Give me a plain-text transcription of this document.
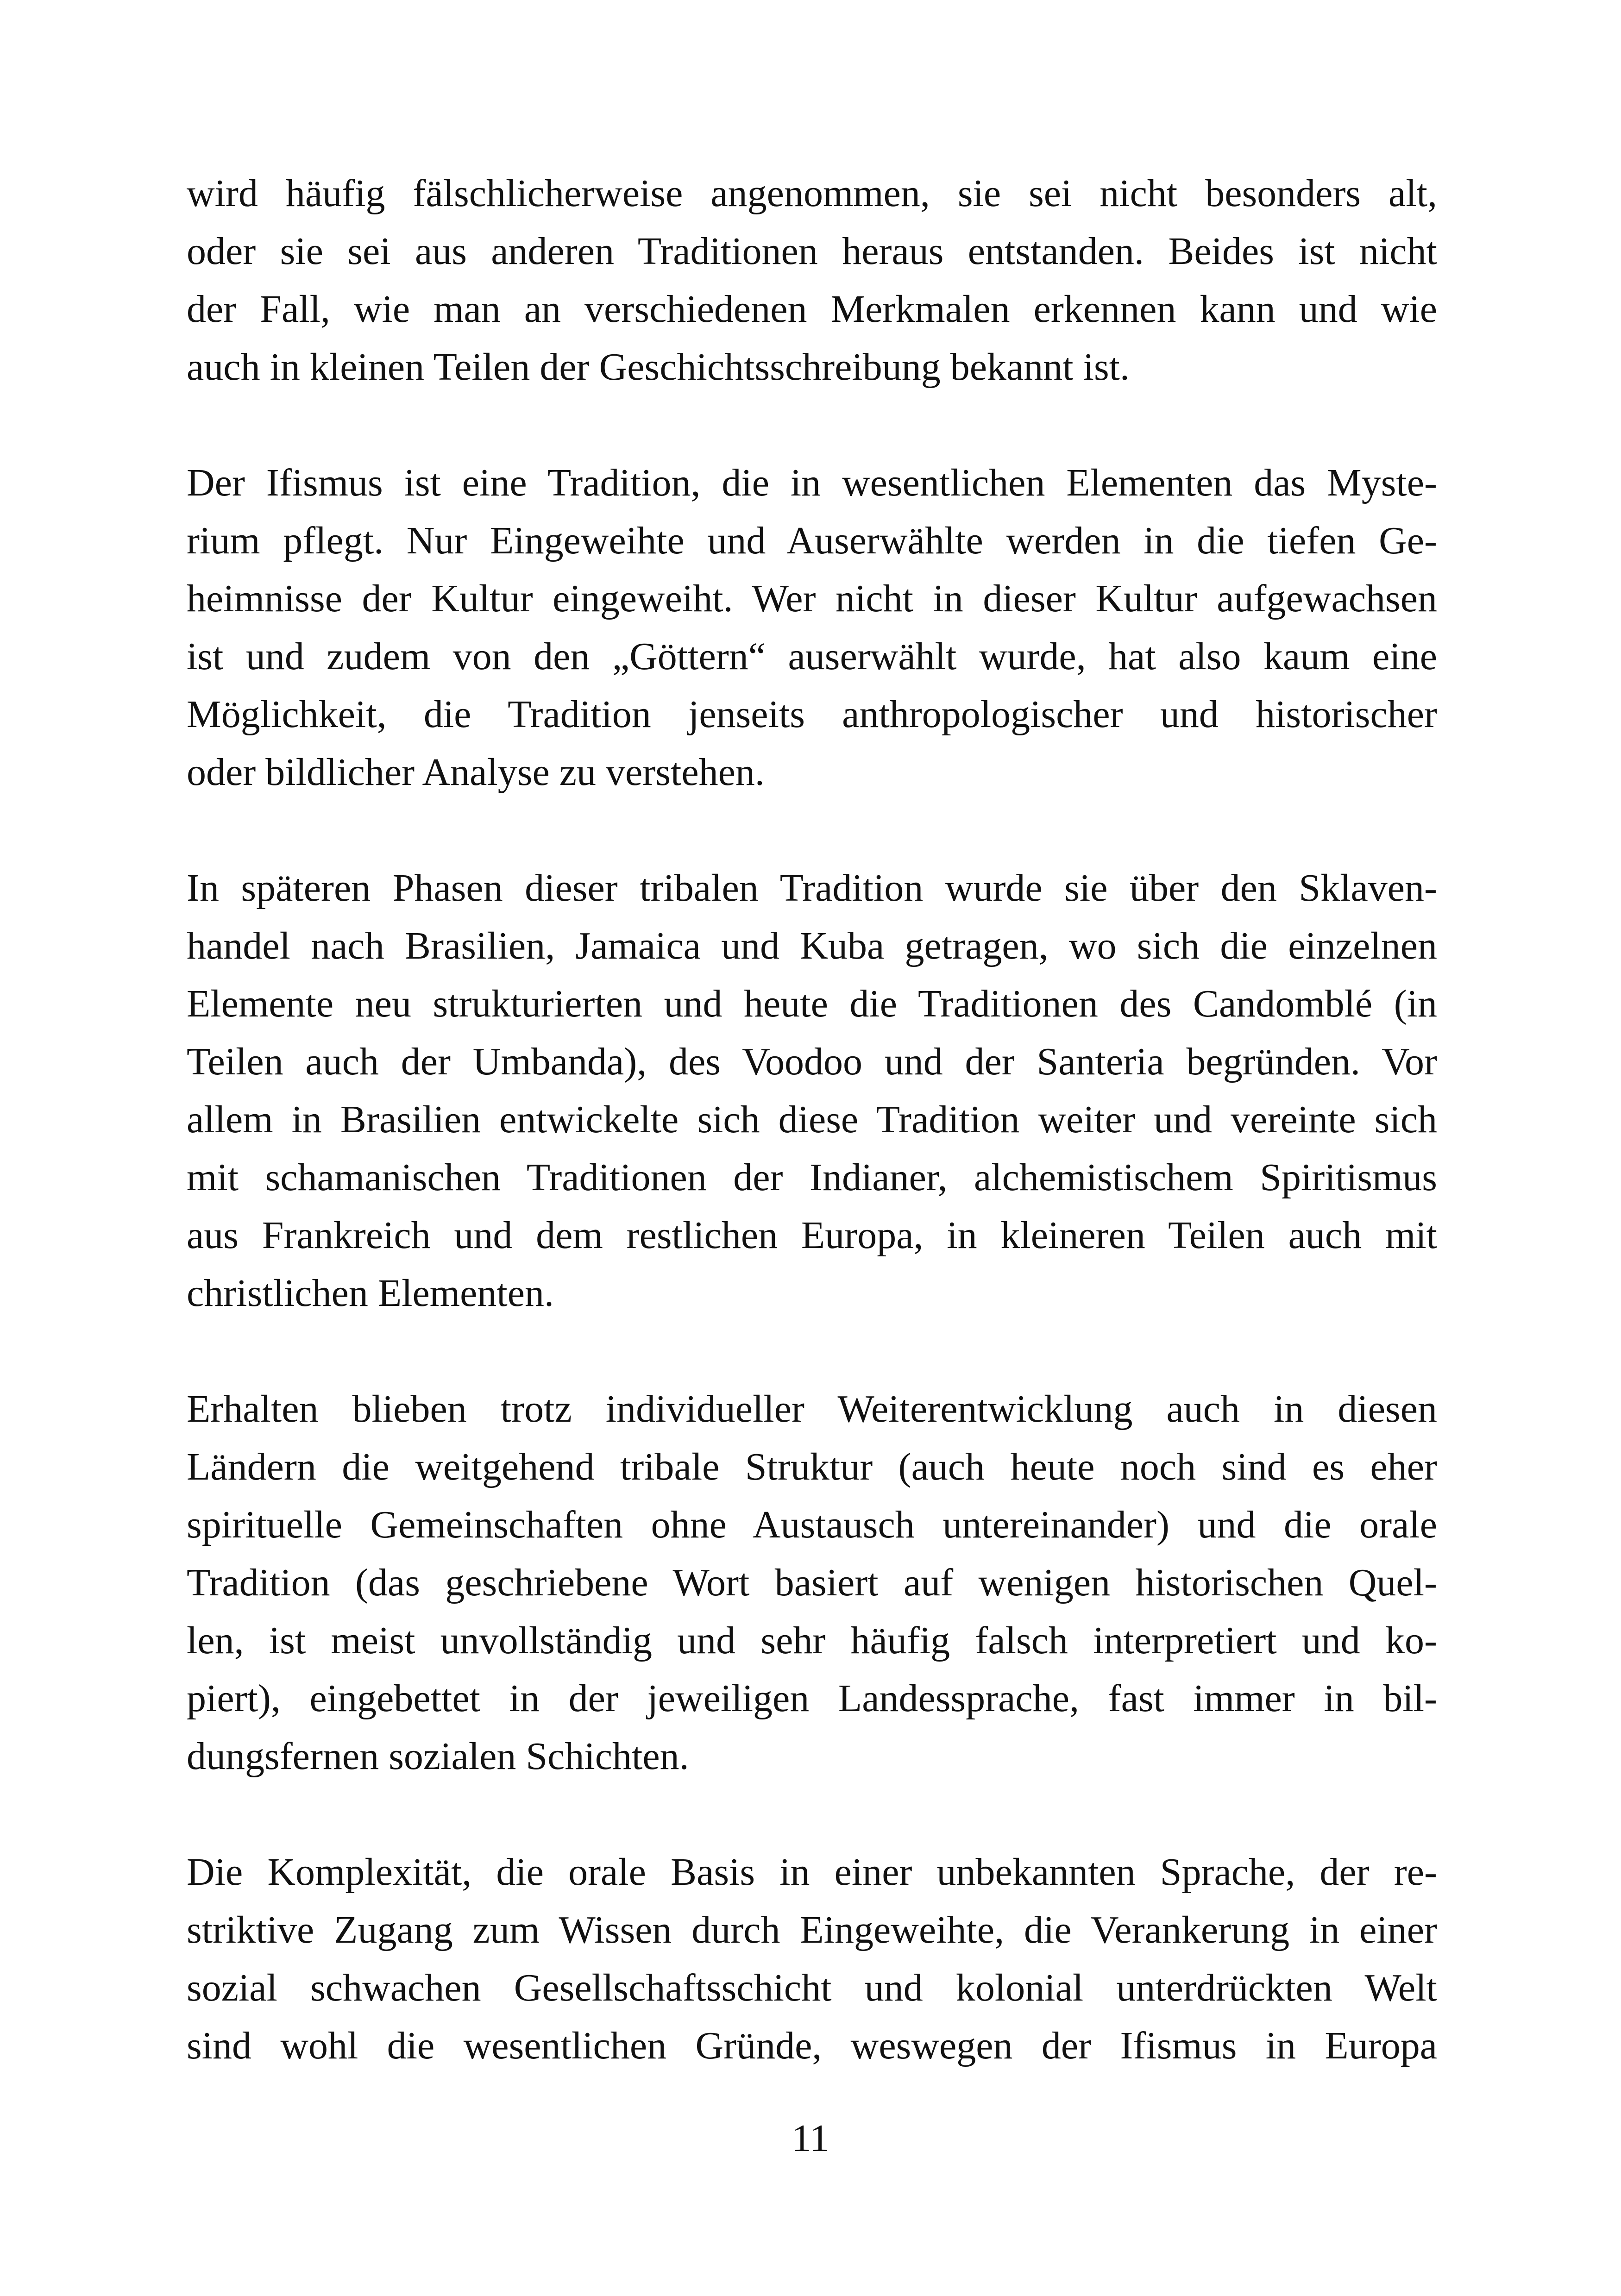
wird häufig fälschlicherweise angenommen, sie sei nicht besonders alt,
oder sie sei aus anderen Traditionen heraus entstanden. Beides ist nicht
der Fall, wie man an verschiedenen Merkmalen erkennen kann und wie
auch in kleinen Teilen der Geschichtsschreibung bekannt ist.

Der Ifismus ist eine Tradition, die in wesentlichen Elementen das Myste-
rium pflegt. Nur Eingeweihte und Auserwählte werden in die tiefen Ge-
heimnisse der Kultur eingeweiht. Wer nicht in dieser Kultur aufgewachsen
ist und zudem von den „Göttern“ auserwählt wurde, hat also kaum eine
Möglichkeit, die Tradition jenseits anthropologischer und historischer
oder bildlicher Analyse zu verstehen.

In späteren Phasen dieser tribalen Tradition wurde sie über den Sklaven-
handel nach Brasilien, Jamaica und Kuba getragen, wo sich die einzelnen
Elemente neu strukturierten und heute die Traditionen des Candomblé (in
Teilen auch der Umbanda), des Voodoo und der Santeria begründen. Vor
allem in Brasilien entwickelte sich diese Tradition weiter und vereinte sich
mit schamanischen Traditionen der Indianer, alchemistischem Spiritismus
aus Frankreich und dem restlichen Europa, in kleineren Teilen auch mit
christlichen Elementen.

Erhalten blieben trotz individueller Weiterentwicklung auch in diesen
Ländern die weitgehend tribale Struktur (auch heute noch sind es eher
spirituelle Gemeinschaften ohne Austausch untereinander) und die orale
Tradition (das geschriebene Wort basiert auf wenigen historischen Quel-
len, ist meist unvollständig und sehr häufig falsch interpretiert und ko-
piert), eingebettet in der jeweiligen Landessprache, fast immer in bil-
dungsfernen sozialen Schichten.

Die Komplexität, die orale Basis in einer unbekannten Sprache, der re-
striktive Zugang zum Wissen durch Eingeweihte, die Verankerung in einer
sozial schwachen Gesellschaftsschicht und kolonial unterdrückten Welt
sind wohl die wesentlichen Gründe, weswegen der Ifismus in Europa

11
